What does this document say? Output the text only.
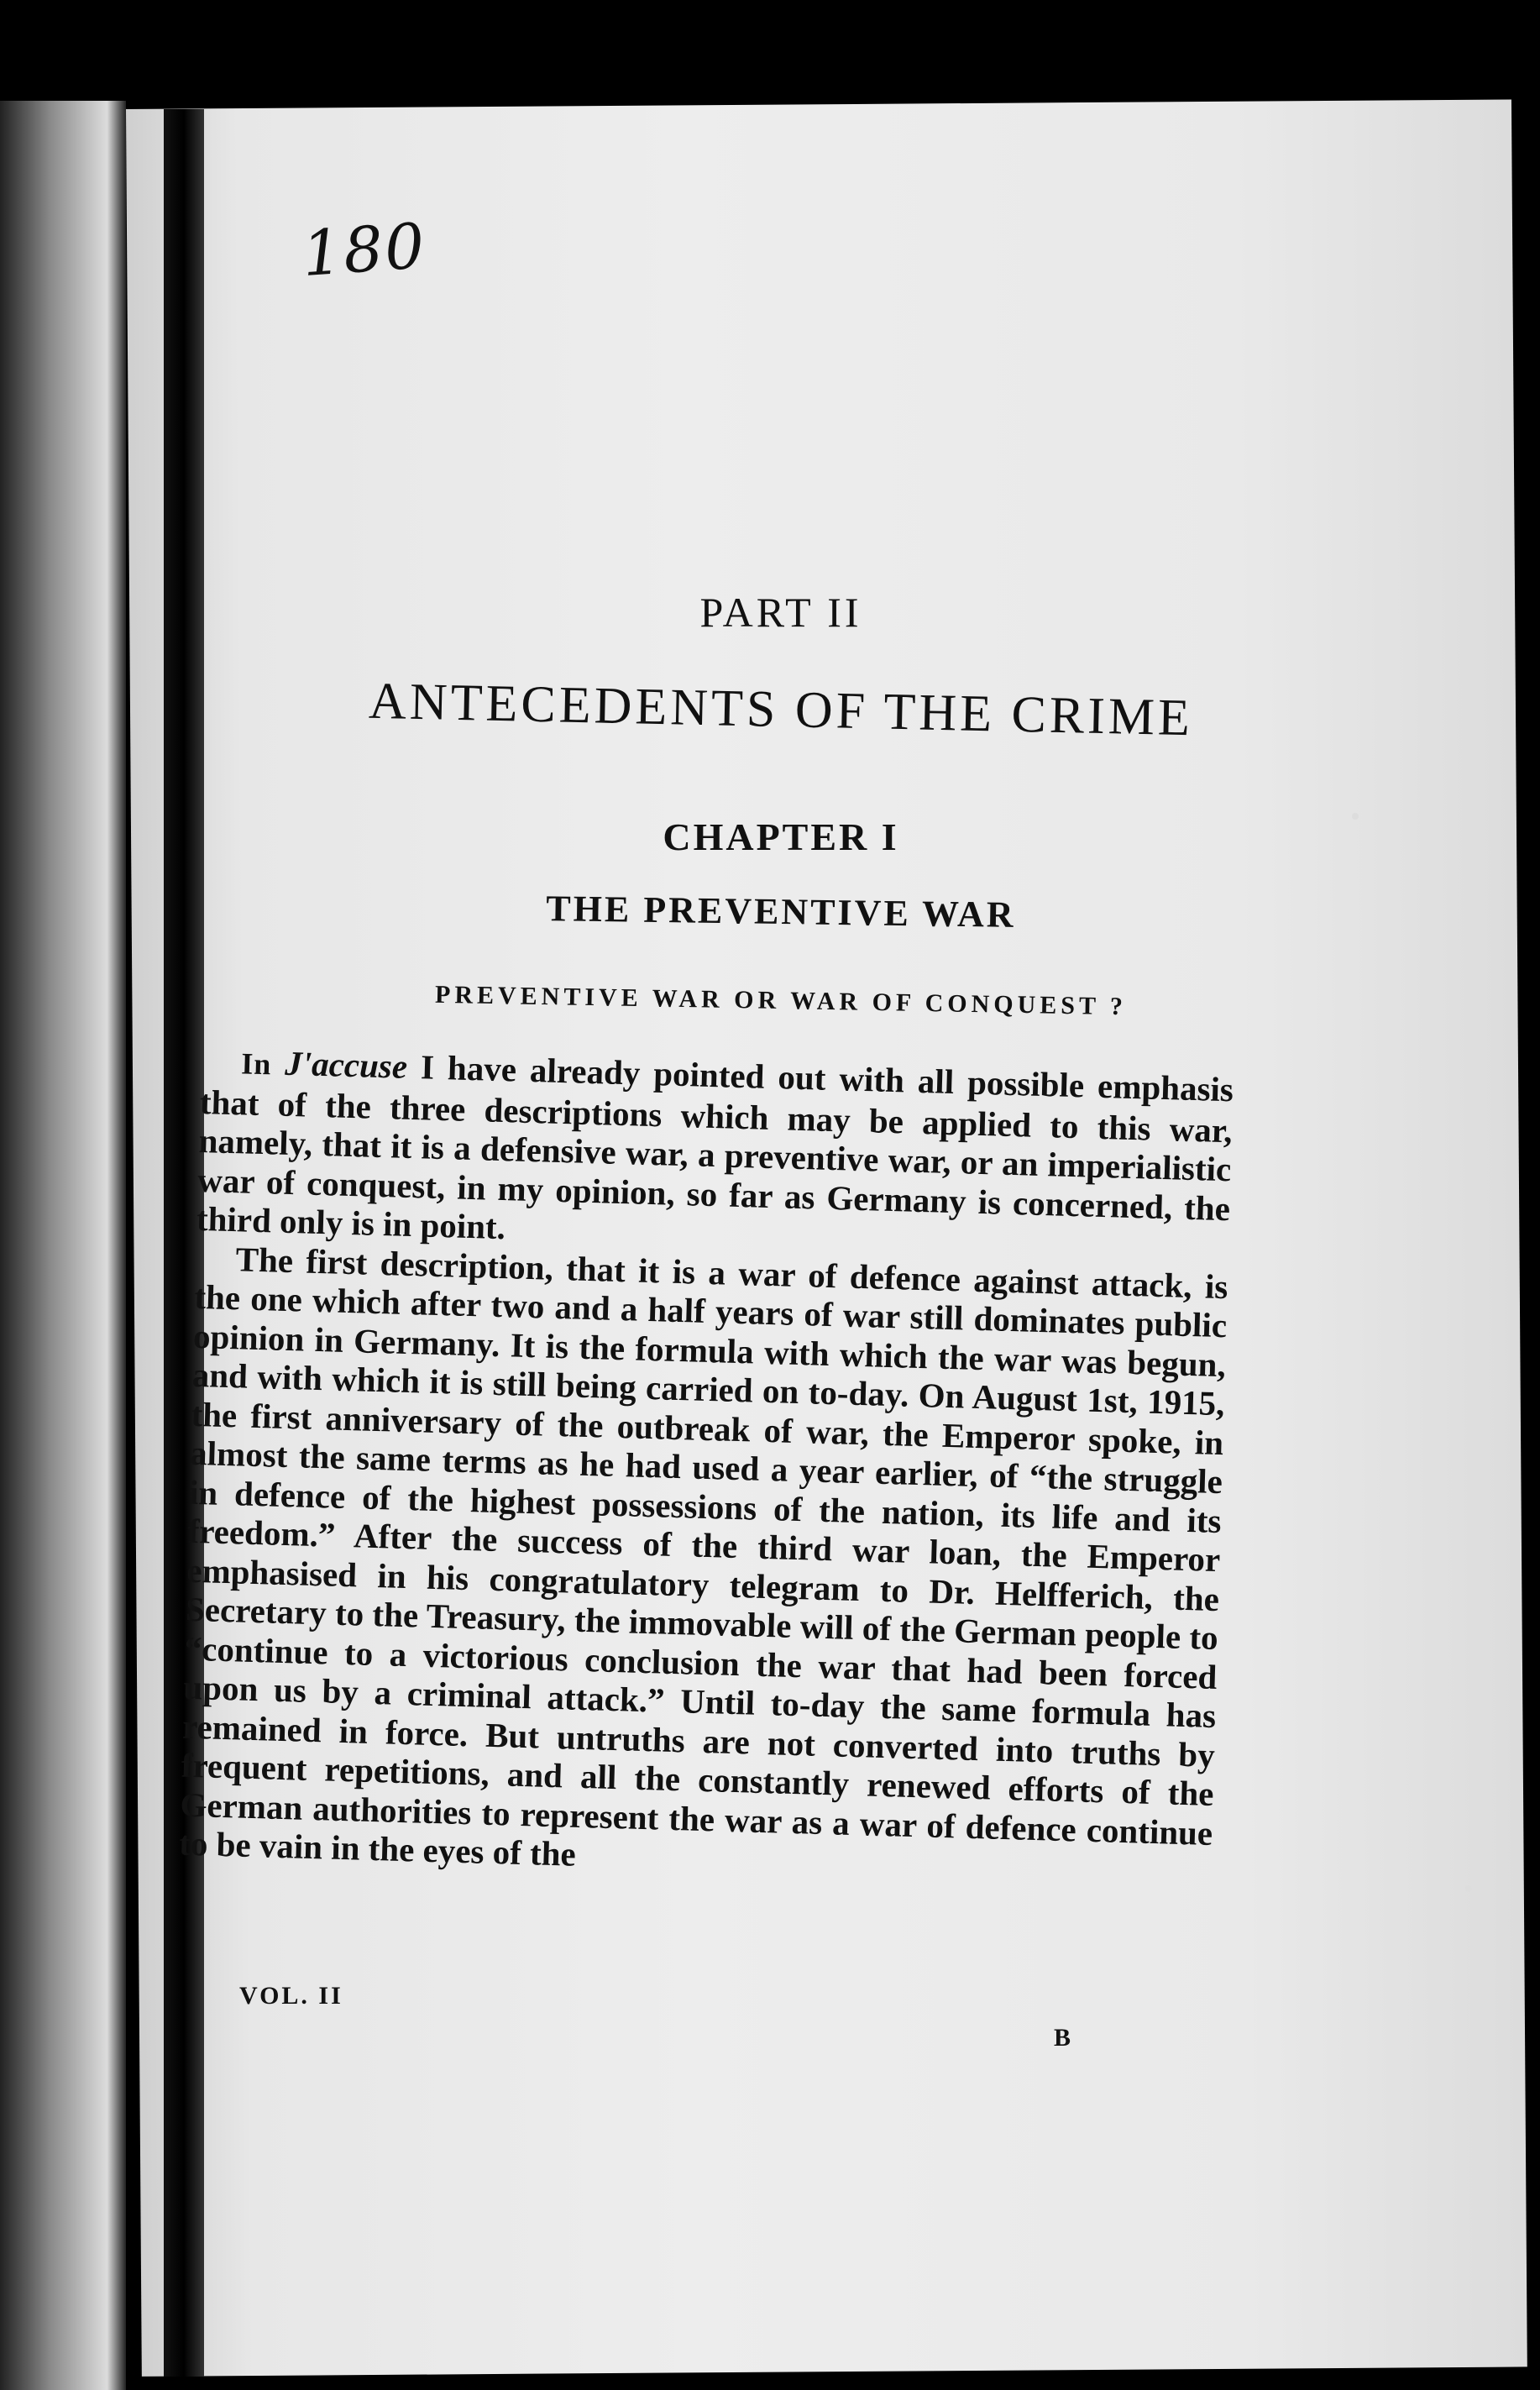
180
PART II
ANTECEDENTS OF THE CRIME
CHAPTER I
THE PREVENTIVE WAR
PREVENTIVE WAR OR WAR OF CONQUEST ?

In J'accuse I have already pointed out with all possible emphasis that of the three descriptions which may be applied to this war, namely, that it is a defensive war, a preventive war, or an imperialistic war of conquest, in my opinion, so far as Germany is concerned, the third only is in point.

The first description, that it is a war of defence against attack, is the one which after two and a half years of war still dominates public opinion in Germany. It is the formula with which the war was begun, and with which it is still being carried on to-day. On August 1st, 1915, the first anniversary of the outbreak of war, the Emperor spoke, in almost the same terms as he had used a year earlier, of “the struggle in defence of the highest possessions of the nation, its life and its freedom.” After the success of the third war loan, the Emperor emphasised in his congratulatory telegram to Dr. Helfferich, the Secretary to the Treasury, the immovable will of the German people to “continue to a victorious conclusion the war that had been forced upon us by a criminal attack.” Until to-day the same formula has remained in force. But untruths are not converted into truths by frequent repetitions, and all the constantly renewed efforts of the German authorities to represent the war as a war of defence continue to be vain in the eyes of the

VOL. II
B
